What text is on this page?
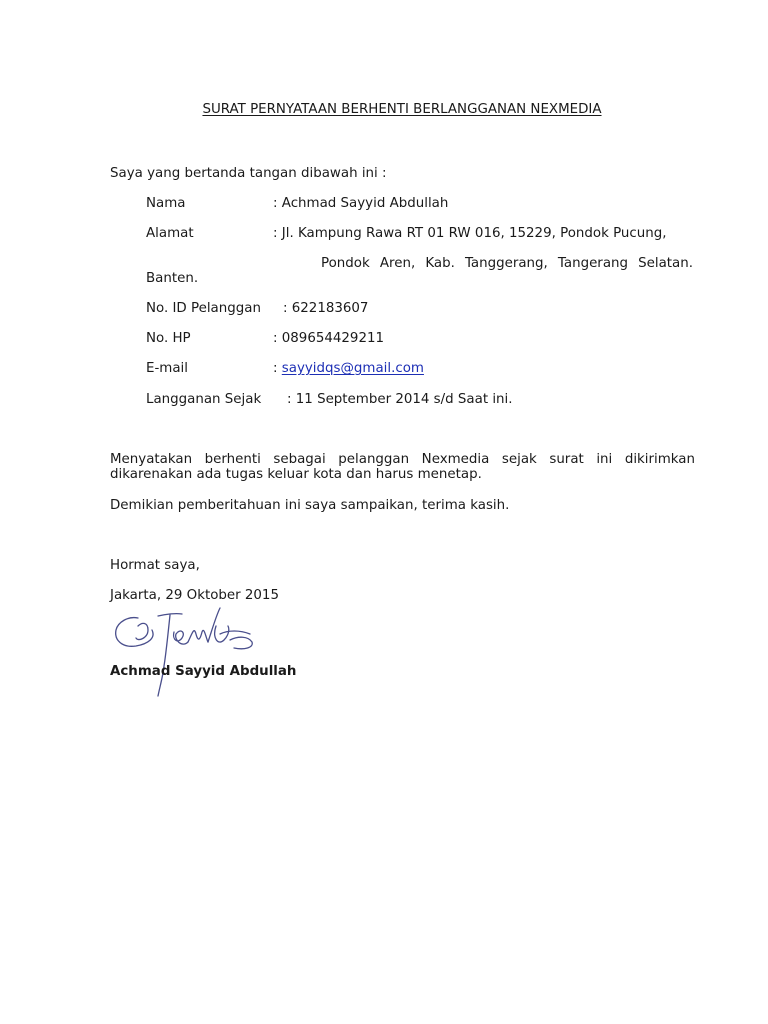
SURAT PERNYATAAN BERHENTI BERLANGGANAN NEXMEDIA
Saya yang bertanda tangan dibawah ini :
Nama	: Achmad Sayyid Abdullah
Alamat	: Jl. Kampung Rawa RT 01 RW 016, 15229, Pondok Pucung,
Pondok Aren, Kab. Tanggerang, Tangerang Selatan.
Banten.
No. ID Pelanggan : 622183607
No. HP	: 089654429211
E-mail	: sayyidqs@gmail.com
Langganan Sejak : 11 September 2014 s/d Saat ini.
Menyatakan berhenti sebagai pelanggan Nexmedia sejak surat ini dikirimkan
dikarenakan ada tugas keluar kota dan harus menetap.
Demikian pemberitahuan ini saya sampaikan, terima kasih.
Hormat saya,
Jakarta, 29 Oktober 2015
Achmad Sayyid Abdullah
